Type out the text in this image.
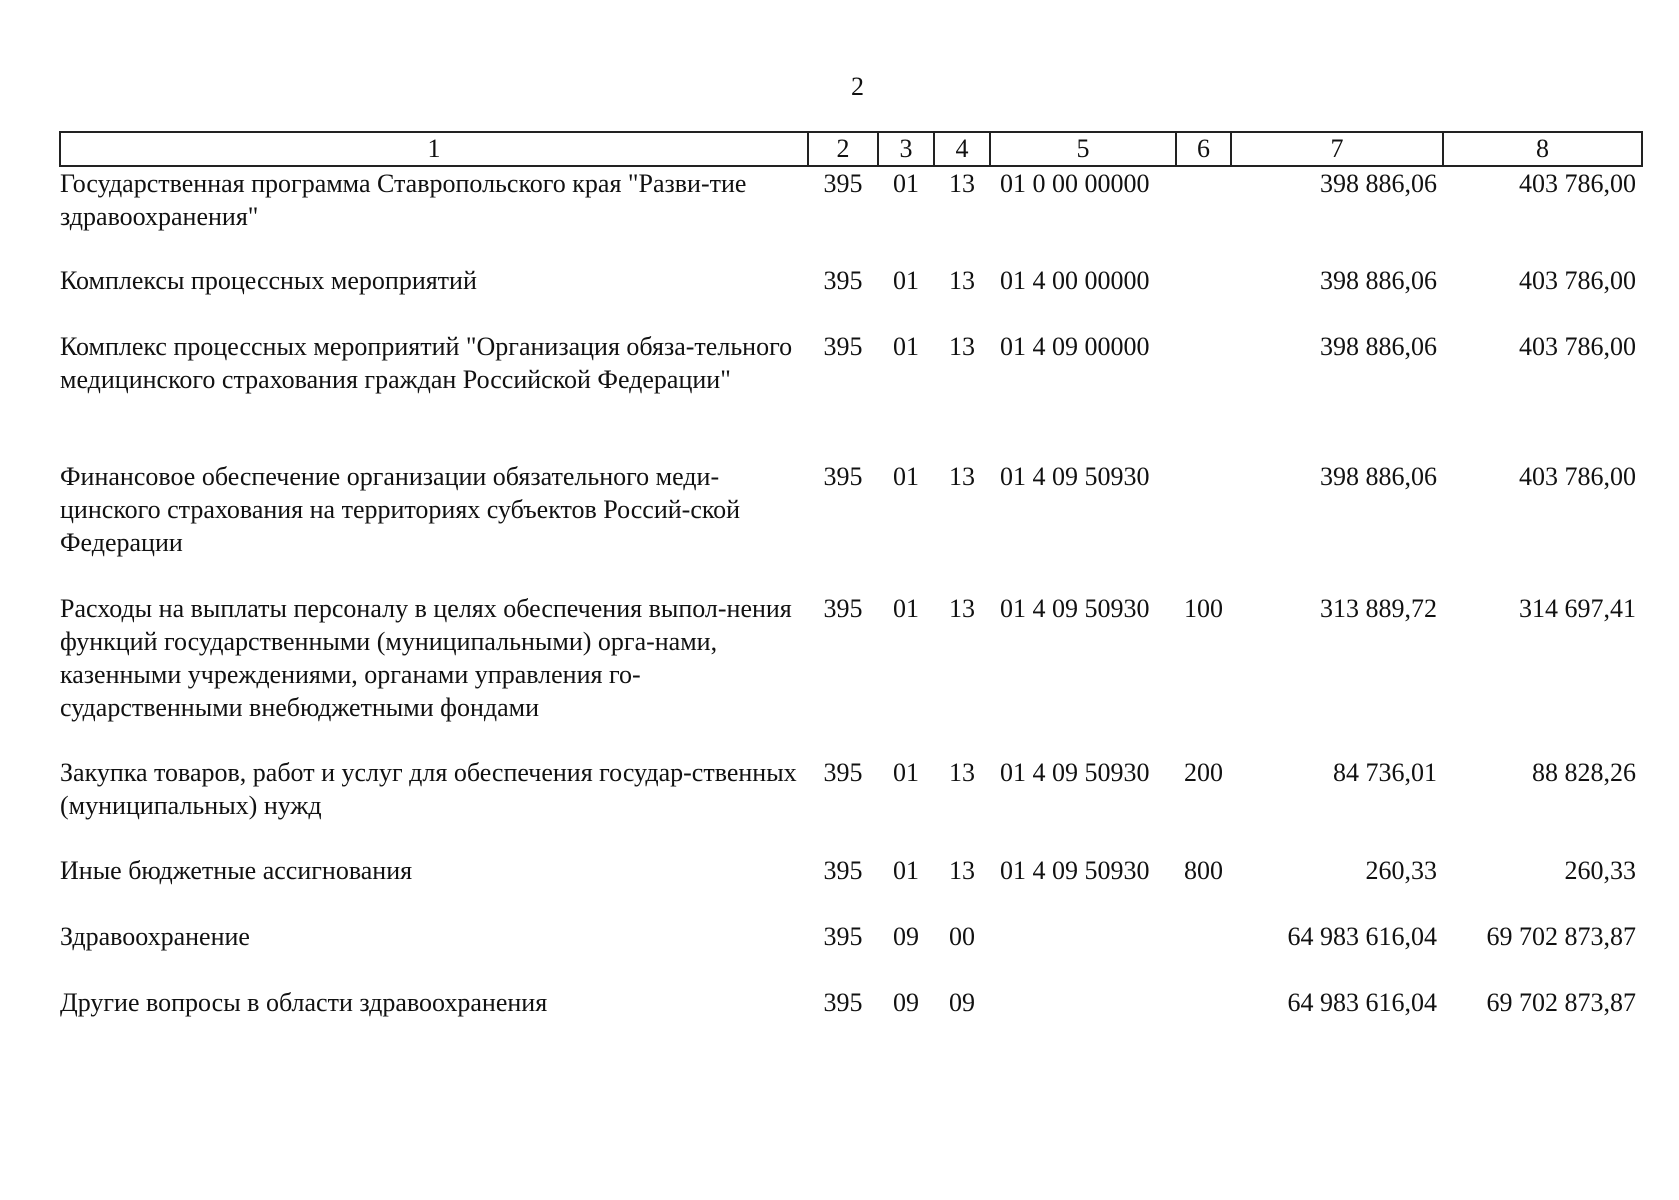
2
1	2	3	4	5	6	7	8
Государственная программа Ставропольского края "Разви-тие здравоохранения"	395	01	13	01 0 00 00000		398 886,06	403 786,00
Комплексы процессных мероприятий	395	01	13	01 4 00 00000		398 886,06	403 786,00
Комплекс процессных мероприятий "Организация обяза-тельного медицинского страхования граждан Российской Федерации"	395	01	13	01 4 09 00000		398 886,06	403 786,00
Финансовое обеспечение организации обязательного меди-цинского страхования на территориях субъектов Россий-ской Федерации	395	01	13	01 4 09 50930		398 886,06	403 786,00
Расходы на выплаты персоналу в целях обеспечения выпол-нения функций государственными (муниципальными) орга-нами, казенными учреждениями, органами управления го-сударственными внебюджетными фондами	395	01	13	01 4 09 50930	100	313 889,72	314 697,41
Закупка товаров, работ и услуг для обеспечения государ-ственных (муниципальных) нужд	395	01	13	01 4 09 50930	200	84 736,01	88 828,26
Иные бюджетные ассигнования	395	01	13	01 4 09 50930	800	260,33	260,33
Здравоохранение	395	09	00			64 983 616,04	69 702 873,87
Другие вопросы в области здравоохранения	395	09	09			64 983 616,04	69 702 873,87
